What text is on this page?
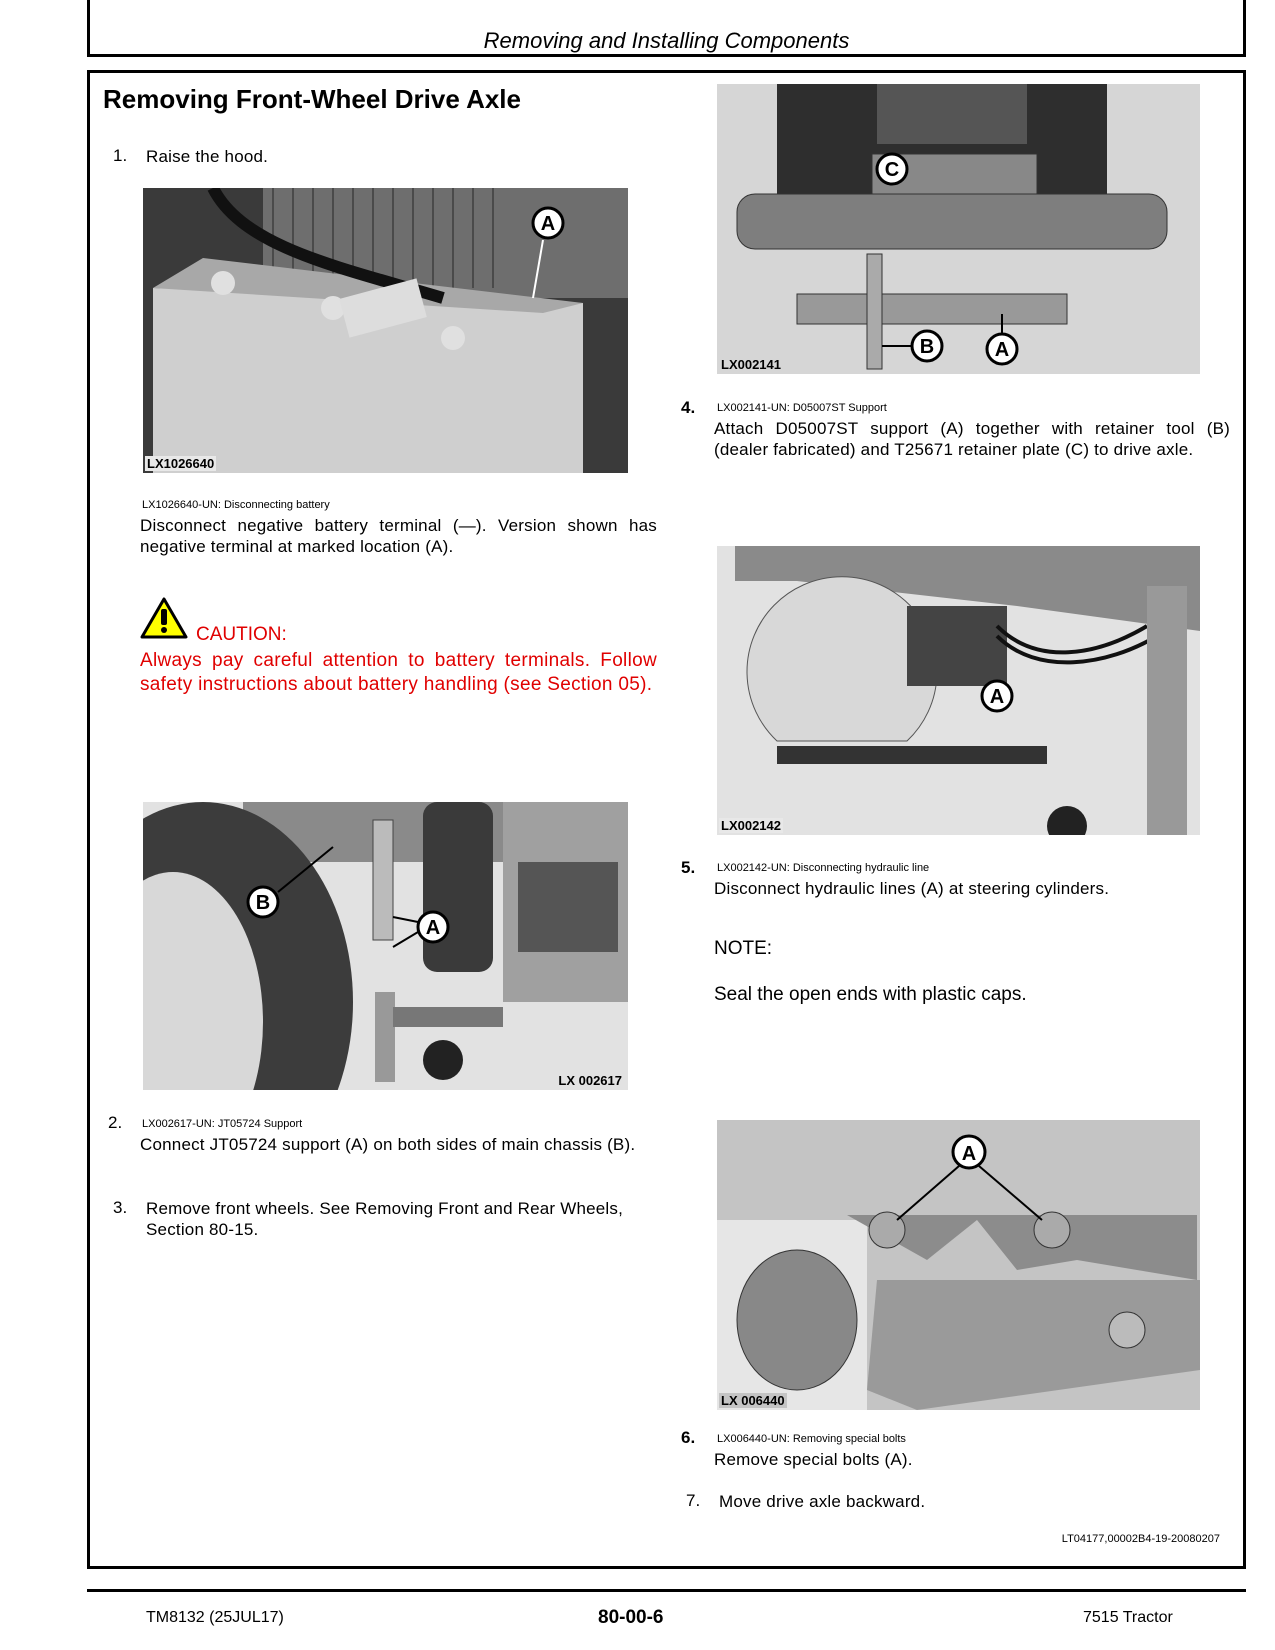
Removing and Installing Components
Removing Front-Wheel Drive Axle
1. Raise the hood.
A
LX1026640
LX1026640-UN: Disconnecting battery
Disconnect negative battery terminal (—). Version shown has negative terminal at marked location (A).
CAUTION:
Always pay careful attention to battery terminals. Follow safety instructions about battery handling (see Section 05).
B
A
LX 002617
2. LX002617-UN: JT05724 Support
Connect JT05724 support (A) on both sides of main chassis (B).
3. Remove front wheels. See Removing Front and Rear Wheels, Section 80-15.
C
B	A
LX002141
4. LX002141-UN: D05007ST Support
Attach D05007ST support (A) together with retainer tool (B) (dealer fabricated) and T25671 retainer plate (C) to drive axle.
A
LX002142
5. LX002142-UN: Disconnecting hydraulic line
Disconnect hydraulic lines (A) at steering cylinders.
NOTE:
Seal the open ends with plastic caps.
A
LX 006440
6. LX006440-UN: Removing special bolts
Remove special bolts (A).
7. Move drive axle backward.
LT04177,00002B4-19-20080207
TM8132 (25JUL17)	80-00-6	7515 Tractor
